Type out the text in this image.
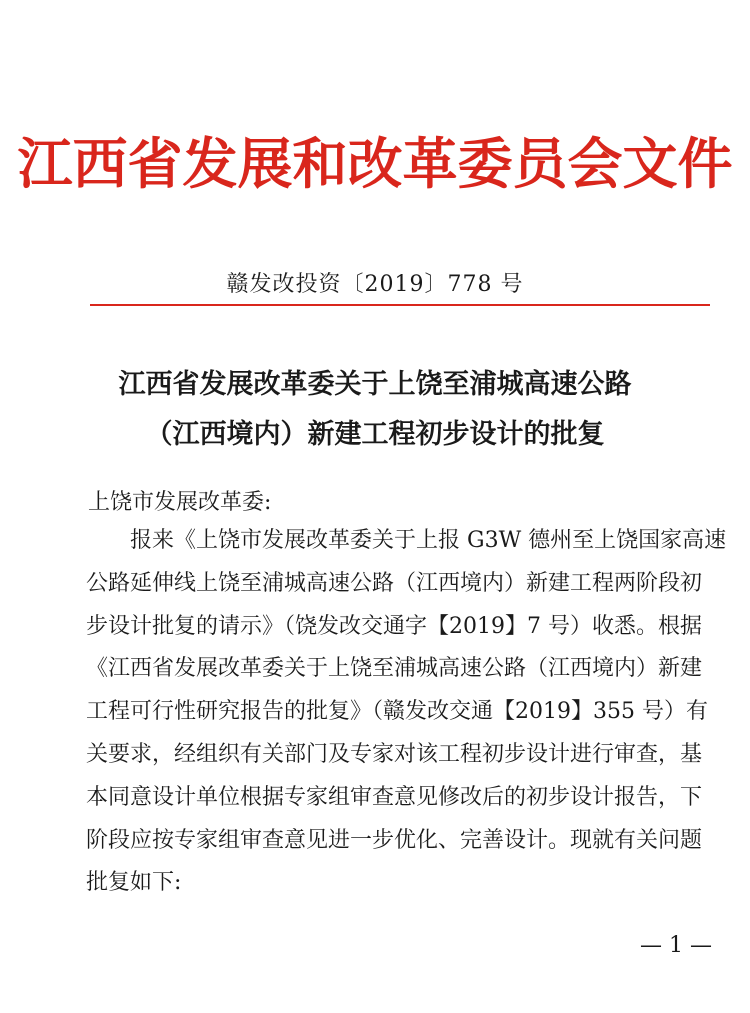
江西省发展和改革委员会文件
赣发改投资〔2019〕778 号
江西省发展改革委关于上饶至浦城高速公路
（江西境内）新建工程初步设计的批复
上饶市发展改革委:
报来《上饶市发展改革委关于上报 G3W 德州至上饶国家高速
公路延伸线上饶至浦城高速公路（江西境内）新建工程两阶段初
步设计批复的请示》（饶发改交通字【2019】7 号）收悉。根据
《江西省发展改革委关于上饶至浦城高速公路（江西境内）新建
工程可行性研究报告的批复》（赣发改交通【2019】355 号）有
关要求，经组织有关部门及专家对该工程初步设计进行审查，基
本同意设计单位根据专家组审查意见修改后的初步设计报告，下
阶段应按专家组审查意见进一步优化、完善设计。现就有关问题
批复如下:
— 1 —
